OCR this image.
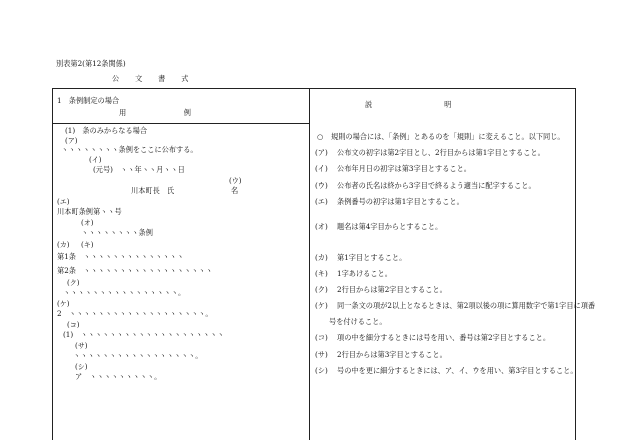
別表第2(第12条関係)
公　　文　　書　　式
1　条例制定の場合
用　　　　　　　　例
(1)　条のみからなる場合
(ア)
ヽヽヽヽヽヽヽヽ条例をここに公布する。
(イ)
(元号)　ヽヽ年ヽヽ月ヽヽ日
(ウ)
川本町長　氏	名
(エ)
川本町条例第ヽヽ号
(オ)
ヽヽヽヽヽヽヽヽ条例
(カ) (キ)
第1条　ヽヽヽヽヽヽヽヽヽヽヽヽヽヽ
第2条　ヽヽヽヽヽヽヽヽヽヽヽヽヽヽヽヽヽヽ
(ク)
ヽヽヽヽヽヽヽヽヽヽヽヽヽヽヽヽ。
(ケ)
2　ヽヽヽヽヽヽヽヽヽヽヽヽヽヽヽヽヽヽヽ。
(コ)
(1)　ヽヽヽヽヽヽヽヽヽヽヽヽヽヽヽヽヽヽヽヽ
(サ)
ヽヽヽヽヽヽヽヽヽヽヽヽヽヽヽヽヽ。
(シ)
ア　ヽヽヽヽヽヽヽヽヽ。
説　　　　　　　　　　明
○ 規則の場合には、「条例」とあるのを「規則」に変えること。以下同じ。
(ア) 公布文の初字は第2字目とし、2行目からは第1字目とすること。
(イ) 公布年月日の初字は第3字目とすること。
(ウ) 公布者の氏名は終から3字目で終るよう適当に配字すること。
(エ) 条例番号の初字は第1字目とすること。
(オ) 題名は第4字目からとすること。
(カ) 第1字目とすること。
(キ) 1字あけること。
(ク) 2行目からは第2字目とすること。
(ケ) 同一条文の項が2以上となるときは、第2項以後の項に算用数字で第1字目に項番
号を付けること。
(コ) 項の中を細分するときには号を用い、番号は第2字目とすること。
(サ) 2行目からは第3字目とすること。
(シ) 号の中を更に細分するときには、ア、イ、ウを用い、第3字目とすること。
